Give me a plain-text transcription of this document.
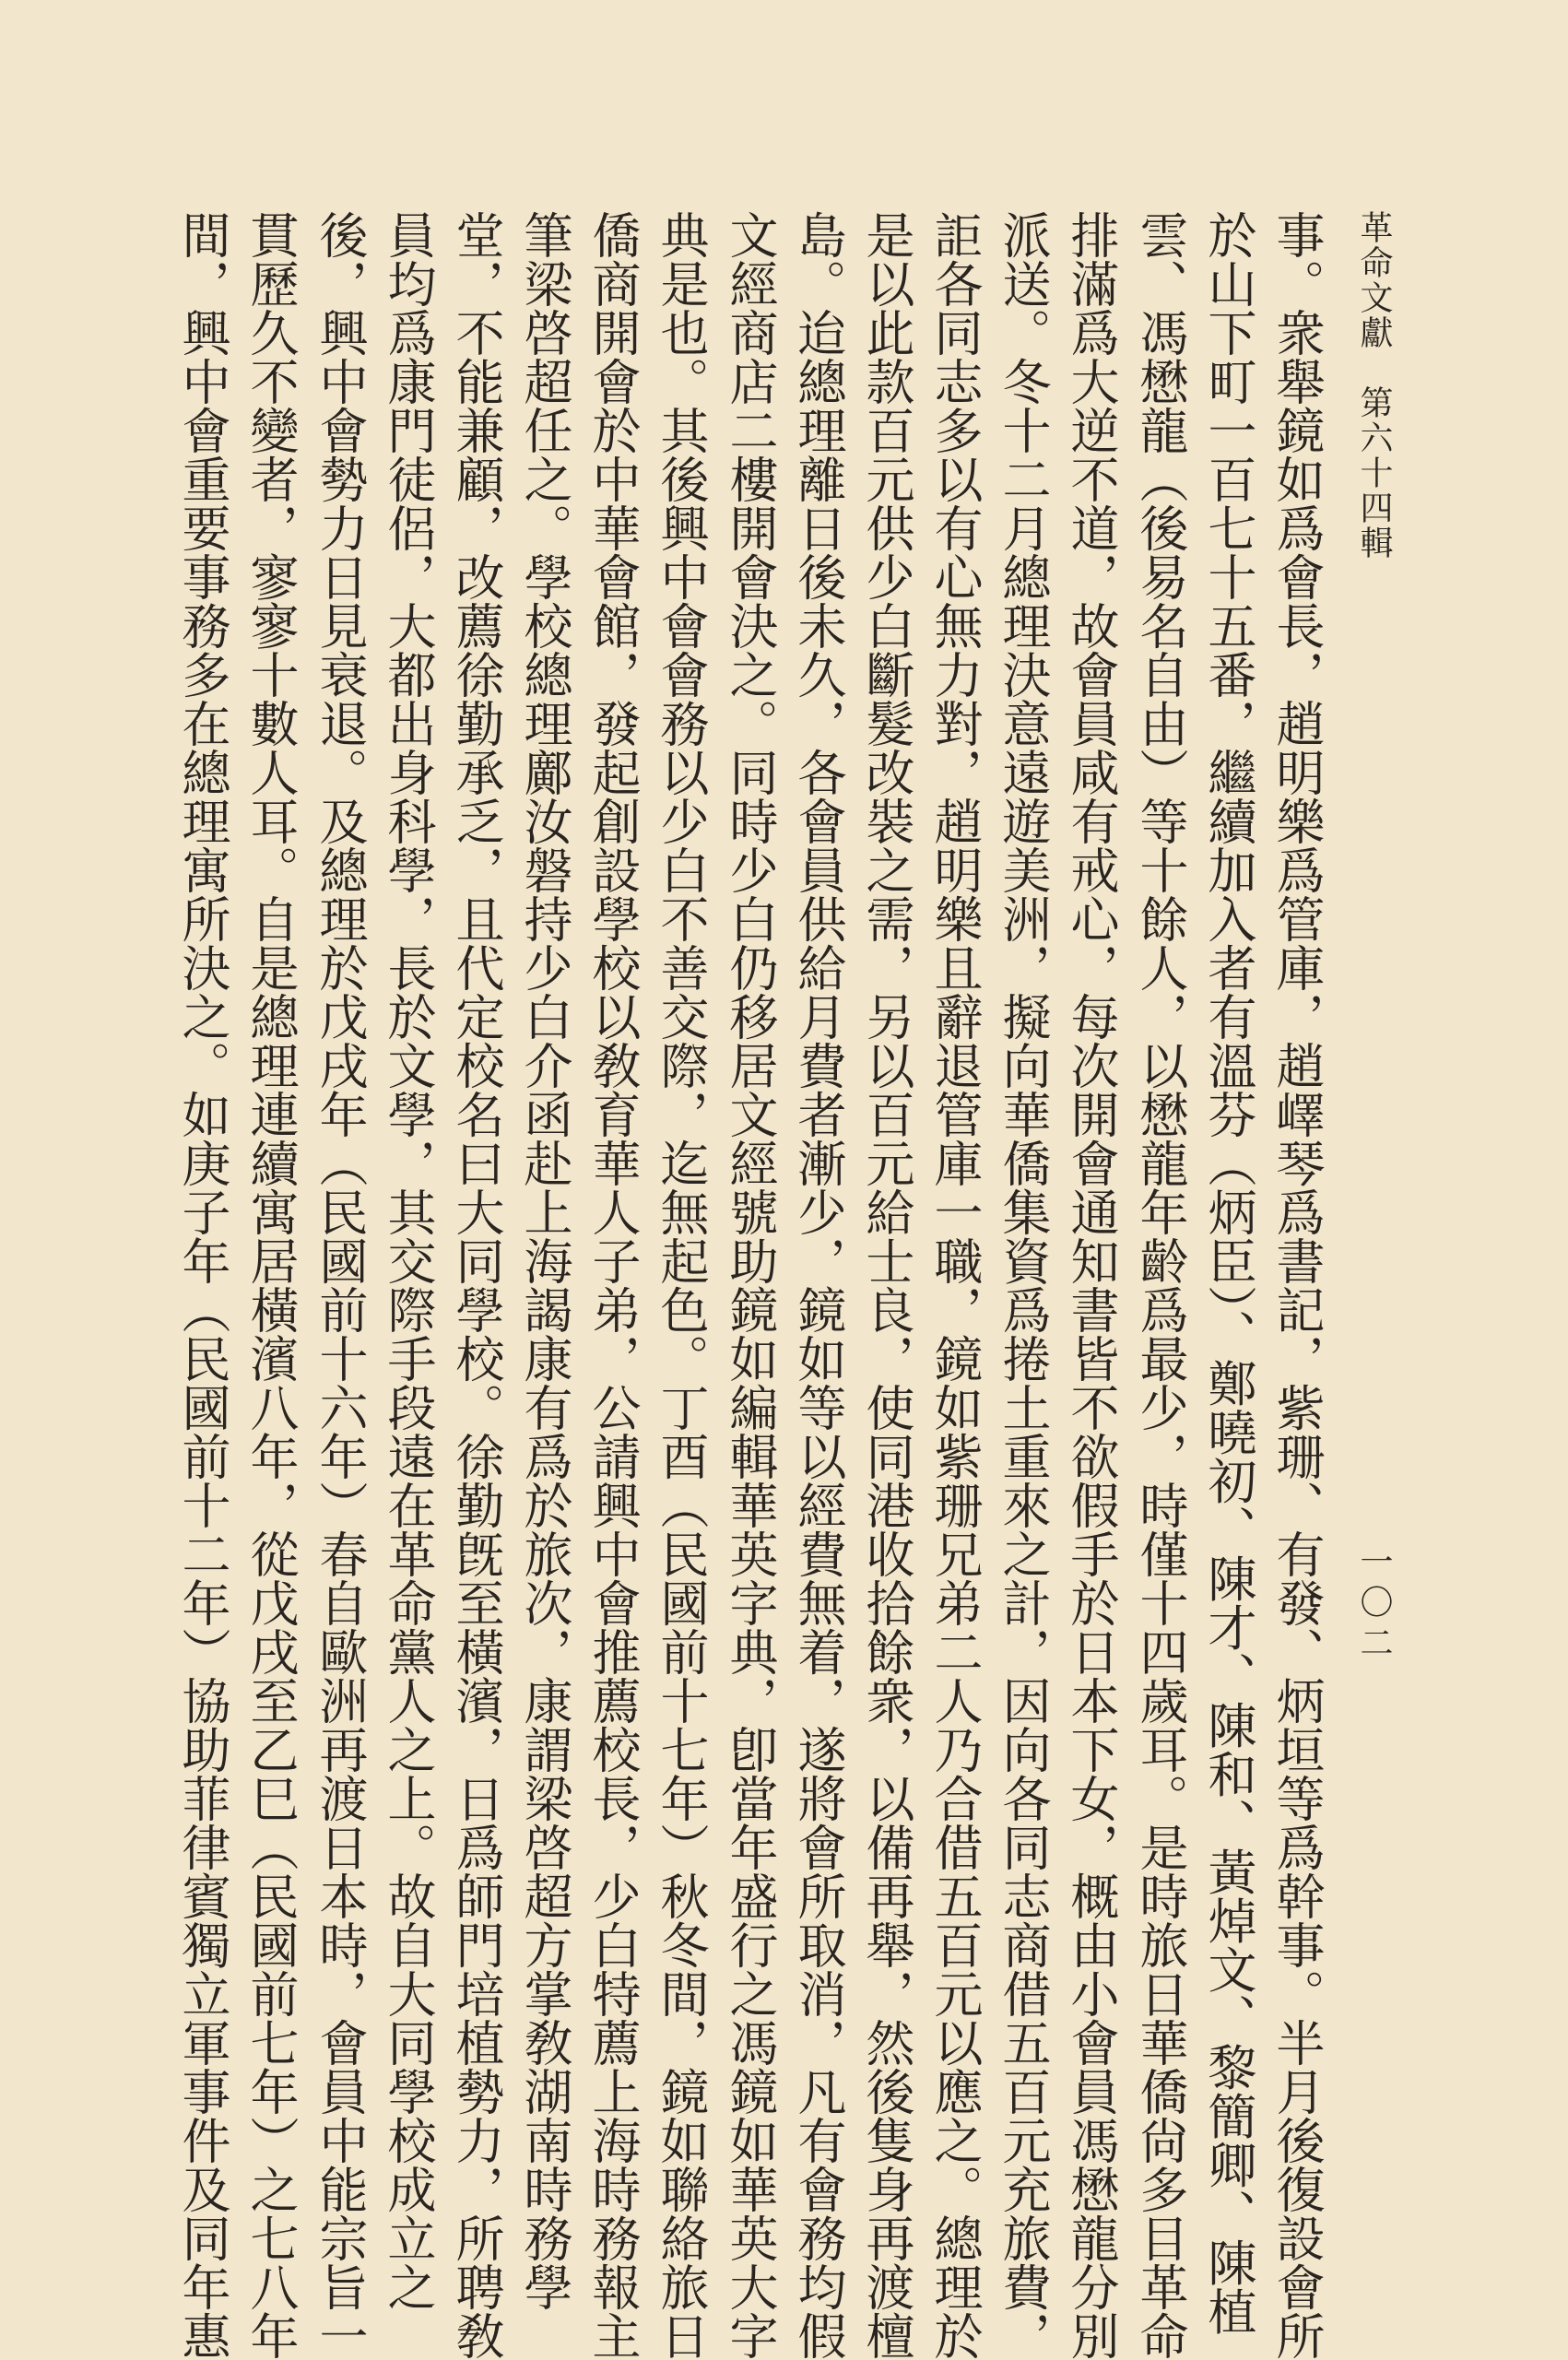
革命文獻　第六十四輯
一〇二
事。衆舉鏡如爲會長，趙明樂爲管庫，趙嶧琴爲書記，紫珊、有發、炳垣等爲幹事。半月後復設會所
於山下町一百七十五番，繼續加入者有溫芬（炳臣）、鄭曉初、陳才、陳和、黃焯文、黎簡卿、陳植
雲、馮懋龍（後易名自由）等十餘人，以懋龍年齡爲最少，時僅十四歲耳。是時旅日華僑尙多目革命
排滿爲大逆不道，故會員咸有戒心，每次開會通知書皆不欲假手於日本下女，概由小會員馮懋龍分別
派送。冬十二月總理決意遠遊美洲，擬向華僑集資爲捲土重來之計，因向各同志商借五百元充旅費，
詎各同志多以有心無力對，趙明樂且辭退管庫一職，鏡如紫珊兄弟二人乃合借五百元以應之。總理於
是以此款百元供少白斷髮改裝之需，另以百元給士良，使同港收拾餘衆，以備再舉，然後隻身再渡檀
島。迨總理離日後未久，各會員供給月費者漸少，鏡如等以經費無着，遂將會所取消，凡有會務均假
文經商店二樓開會決之。同時少白仍移居文經號助鏡如編輯華英字典，卽當年盛行之馮鏡如華英大字
典是也。其後興中會會務以少白不善交際，迄無起色。丁酉（民國前十七年）秋冬間，鏡如聯絡旅日
僑商開會於中華會館，發起創設學校以敎育華人子弟，公請興中會推薦校長，少白特薦上海時務報主
筆梁啓超任之。學校總理鄺汝磐持少白介函赴上海謁康有爲於旅次，康謂梁啓超方掌敎湖南時務學
堂，不能兼顧，改薦徐勤承乏，且代定校名曰大同學校。徐勤旣至橫濱，日爲師門培植勢力，所聘敎
員均爲康門徒侶，大都出身科學，長於文學，其交際手段遠在革命黨人之上。故自大同學校成立之
後，興中會勢力日見衰退。及總理於戊戌年（民國前十六年）春自歐洲再渡日本時，會員中能宗旨一
貫歷久不變者，寥寥十數人耳。自是總理連續寓居橫濱八年，從戊戌至乙巳（民國前七年）之七八年
間，興中會重要事務多在總理寓所決之。如庚子年（民國前十二年）協助菲律賓獨立軍事件及同年惠
